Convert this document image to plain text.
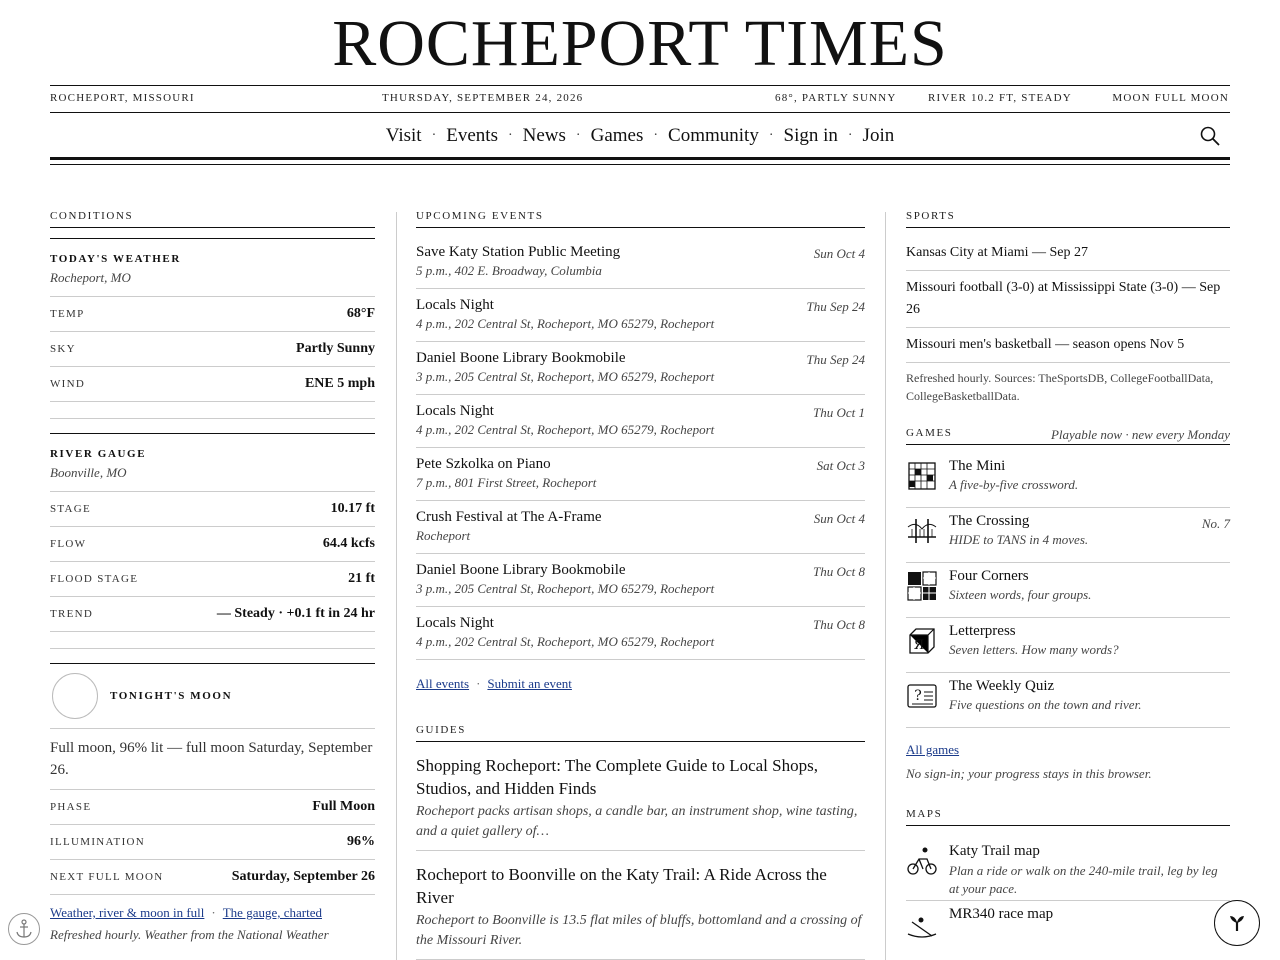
ROCHEPORT TIMES
ROCHEPORT, MISSOURI	THURSDAY, SEPTEMBER 24, 2026	68°, PARTLY SUNNY	RIVER 10.2 FT, STEADY	MOON FULL MOON
Visit · Events · News · Games · Community · Sign in · Join
CONDITIONS
TODAY'S WEATHER
Rocheport, MO
TEMP	68°F
SKY	Partly Sunny
WIND	ENE 5 mph
RIVER GAUGE
Boonville, MO
STAGE	10.17 ft
FLOW	64.4 kcfs
FLOOD STAGE	21 ft
TREND	— Steady · +0.1 ft in 24 hr
TONIGHT'S MOON
Full moon, 96% lit — full moon Saturday, September 26.
PHASE	Full Moon
ILLUMINATION	96%
NEXT FULL MOON	Saturday, September 26
Weather, river & moon in full · The gauge, charted
Refreshed hourly. Weather from the National Weather
UPCOMING EVENTS
Save Katy Station Public Meeting	Sun Oct 4
5 p.m., 402 E. Broadway, Columbia
Locals Night	Thu Sep 24
4 p.m., 202 Central St, Rocheport, MO 65279, Rocheport
Daniel Boone Library Bookmobile	Thu Sep 24
3 p.m., 205 Central St, Rocheport, MO 65279, Rocheport
Locals Night	Thu Oct 1
4 p.m., 202 Central St, Rocheport, MO 65279, Rocheport
Pete Szkolka on Piano	Sat Oct 3
7 p.m., 801 First Street, Rocheport
Crush Festival at The A-Frame	Sun Oct 4
Rocheport
Daniel Boone Library Bookmobile	Thu Oct 8
3 p.m., 205 Central St, Rocheport, MO 65279, Rocheport
Locals Night	Thu Oct 8
4 p.m., 202 Central St, Rocheport, MO 65279, Rocheport
All events · Submit an event
GUIDES
Shopping Rocheport: The Complete Guide to Local Shops, Studios, and Hidden Finds
Rocheport packs artisan shops, a candle bar, an instrument shop, wine tasting, and a quiet gallery of…
Rocheport to Boonville on the Katy Trail: A Ride Across the River
Rocheport to Boonville is 13.5 flat miles of bluffs, bottomland and a crossing of the Missouri River.
SPORTS
Kansas City at Miami — Sep 27
Missouri football (3-0) at Mississippi State (3-0) — Sep 26
Missouri men's basketball — season opens Nov 5
Refreshed hourly. Sources: TheSportsDB, CollegeFootballData, CollegeBasketballData.
GAMES	Playable now · new every Monday
The Mini
A five-by-five crossword.
The Crossing
HIDE to TANS in 4 moves.
No. 7
Four Corners
Sixteen words, four groups.
Я
Letterpress
Seven letters. How many words?
?
The Weekly Quiz
Five questions on the town and river.
All games
No sign-in; your progress stays in this browser.
MAPS
Katy Trail map
Plan a ride or walk on the 240-mile trail, leg by leg at your pace.
MR340 race map
